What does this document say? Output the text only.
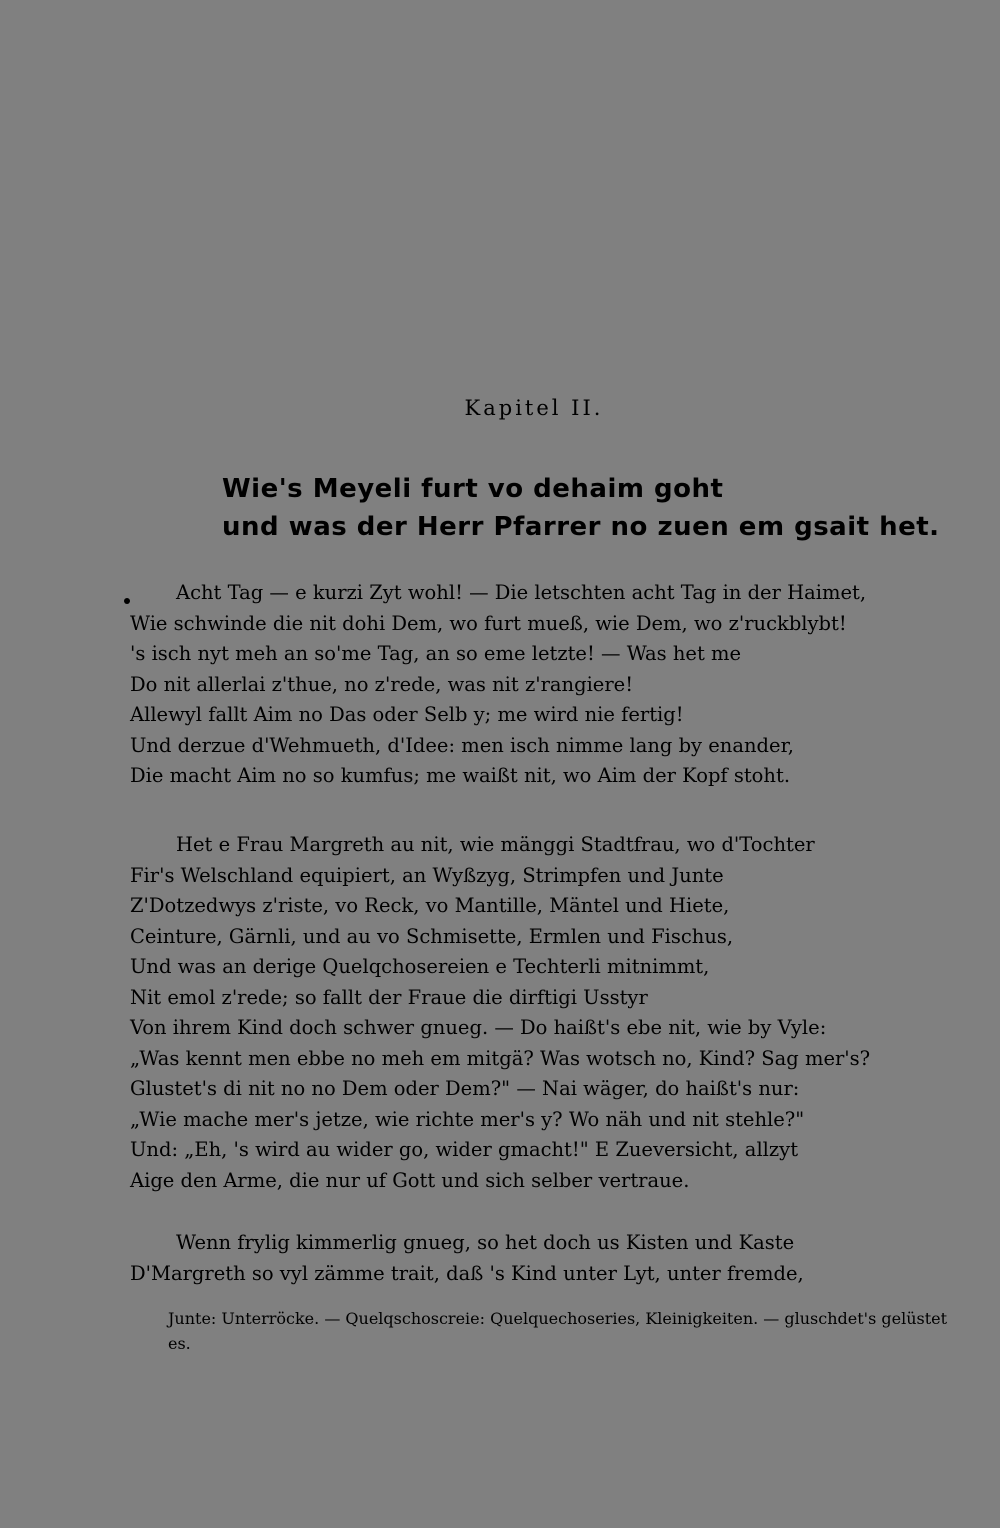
Kapitel II.
Wie's Meyeli furt vo dehaim goht
und was der Herr Pfarrer no zuen em gsait het.
Acht Tag — e kurzi Zyt wohl! — Die letschten acht Tag in der Haimet,
Wie schwinde die nit dohi Dem, wo furt mueß, wie Dem, wo z'ruckblybt!
's isch nyt meh an so'me Tag, an so eme letzte! — Was het me
Do nit allerlai z'thue, no z'rede, was nit z'rangiere!
Allewyl fallt Aim no Das oder Selb y; me wird nie fertig!
Und derzue d'Wehmueth, d'Idee: men isch nimme lang by enander,
Die macht Aim no so kumfus; me waißt nit, wo Aim der Kopf stoht.
Het e Frau Margreth au nit, wie mänggi Stadtfrau, wo d'Tochter
Fir's Welschland equipiert, an Wyßzyg, Strimpfen und Junte
Z'Dotzedwys z'riste, vo Reck, vo Mantille, Mäntel und Hiete,
Ceinture, Gärnli, und au vo Schmisette, Ermlen und Fischus,
Und was an derige Quelqchosereien e Techterli mitnimmt,
Nit emol z'rede; so fallt der Fraue die dirftigi Usstyr
Von ihrem Kind doch schwer gnueg. — Do haißt's ebe nit, wie by Vyle:
„Was kennt men ebbe no meh em mitgä? Was wotsch no, Kind? Sag mer's?
Glustet's di nit no no Dem oder Dem?" — Nai wäger, do haißt's nur:
„Wie mache mer's jetze, wie richte mer's y? Wo näh und nit stehle?"
Und: „Eh, 's wird au wider go, wider gmacht!" E Zueversicht, allzyt
Aige den Arme, die nur uf Gott und sich selber vertraue.
Wenn frylig kimmerlig gnueg, so het doch us Kisten und Kaste
D'Margreth so vyl zämme trait, daß 's Kind unter Lyt, unter fremde,
Junte: Unterröcke. — Quelqschoscreie: Quelquechoseries, Kleinigkeiten. — gluschdet's gelüstet es.
